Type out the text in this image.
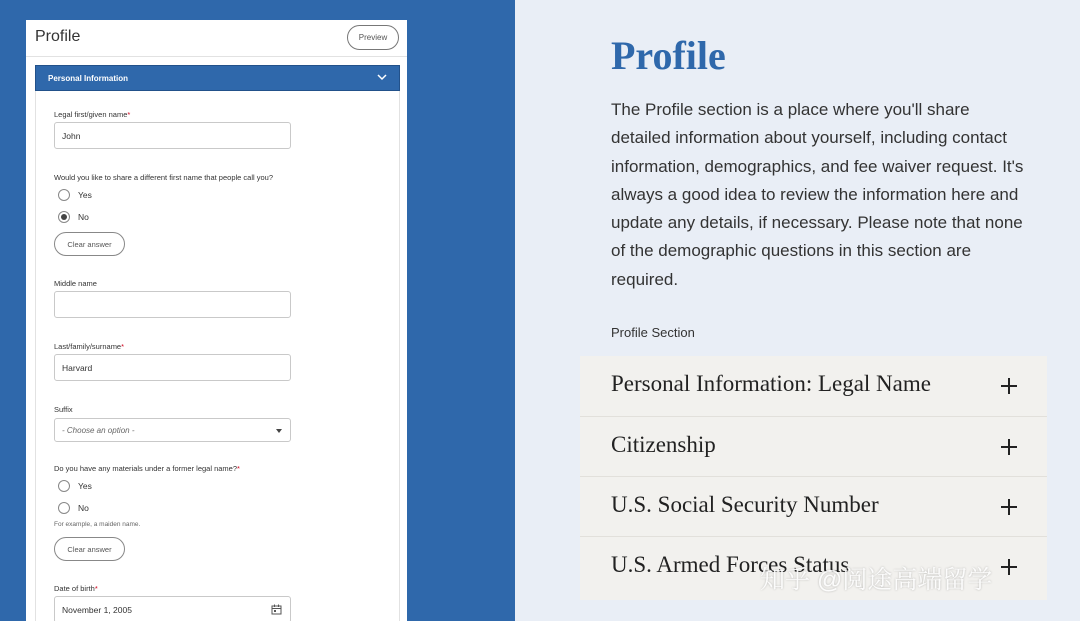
Profile	Preview
Personal Information
Legal first/given name*
John
Would you like to share a different first name that people call you?
Yes
No
Clear answer
Middle name
Last/family/surname*
Harvard
Suffix
- Choose an option -
Do you have any materials under a former legal name?*
Yes
No
For example, a maiden name.
Clear answer
Date of birth*
November 1, 2005
Profile

The Profile section is a place where you'll share detailed information about yourself, including contact information, demographics, and fee waiver request. It's always a good idea to review the information here and update any details, if necessary. Please note that none of the demographic questions in this section are required.

Profile Section
Personal Information: Legal Name
Citizenship
U.S. Social Security Number
U.S. Armed Forces Status
知乎 @阅途高端留学
